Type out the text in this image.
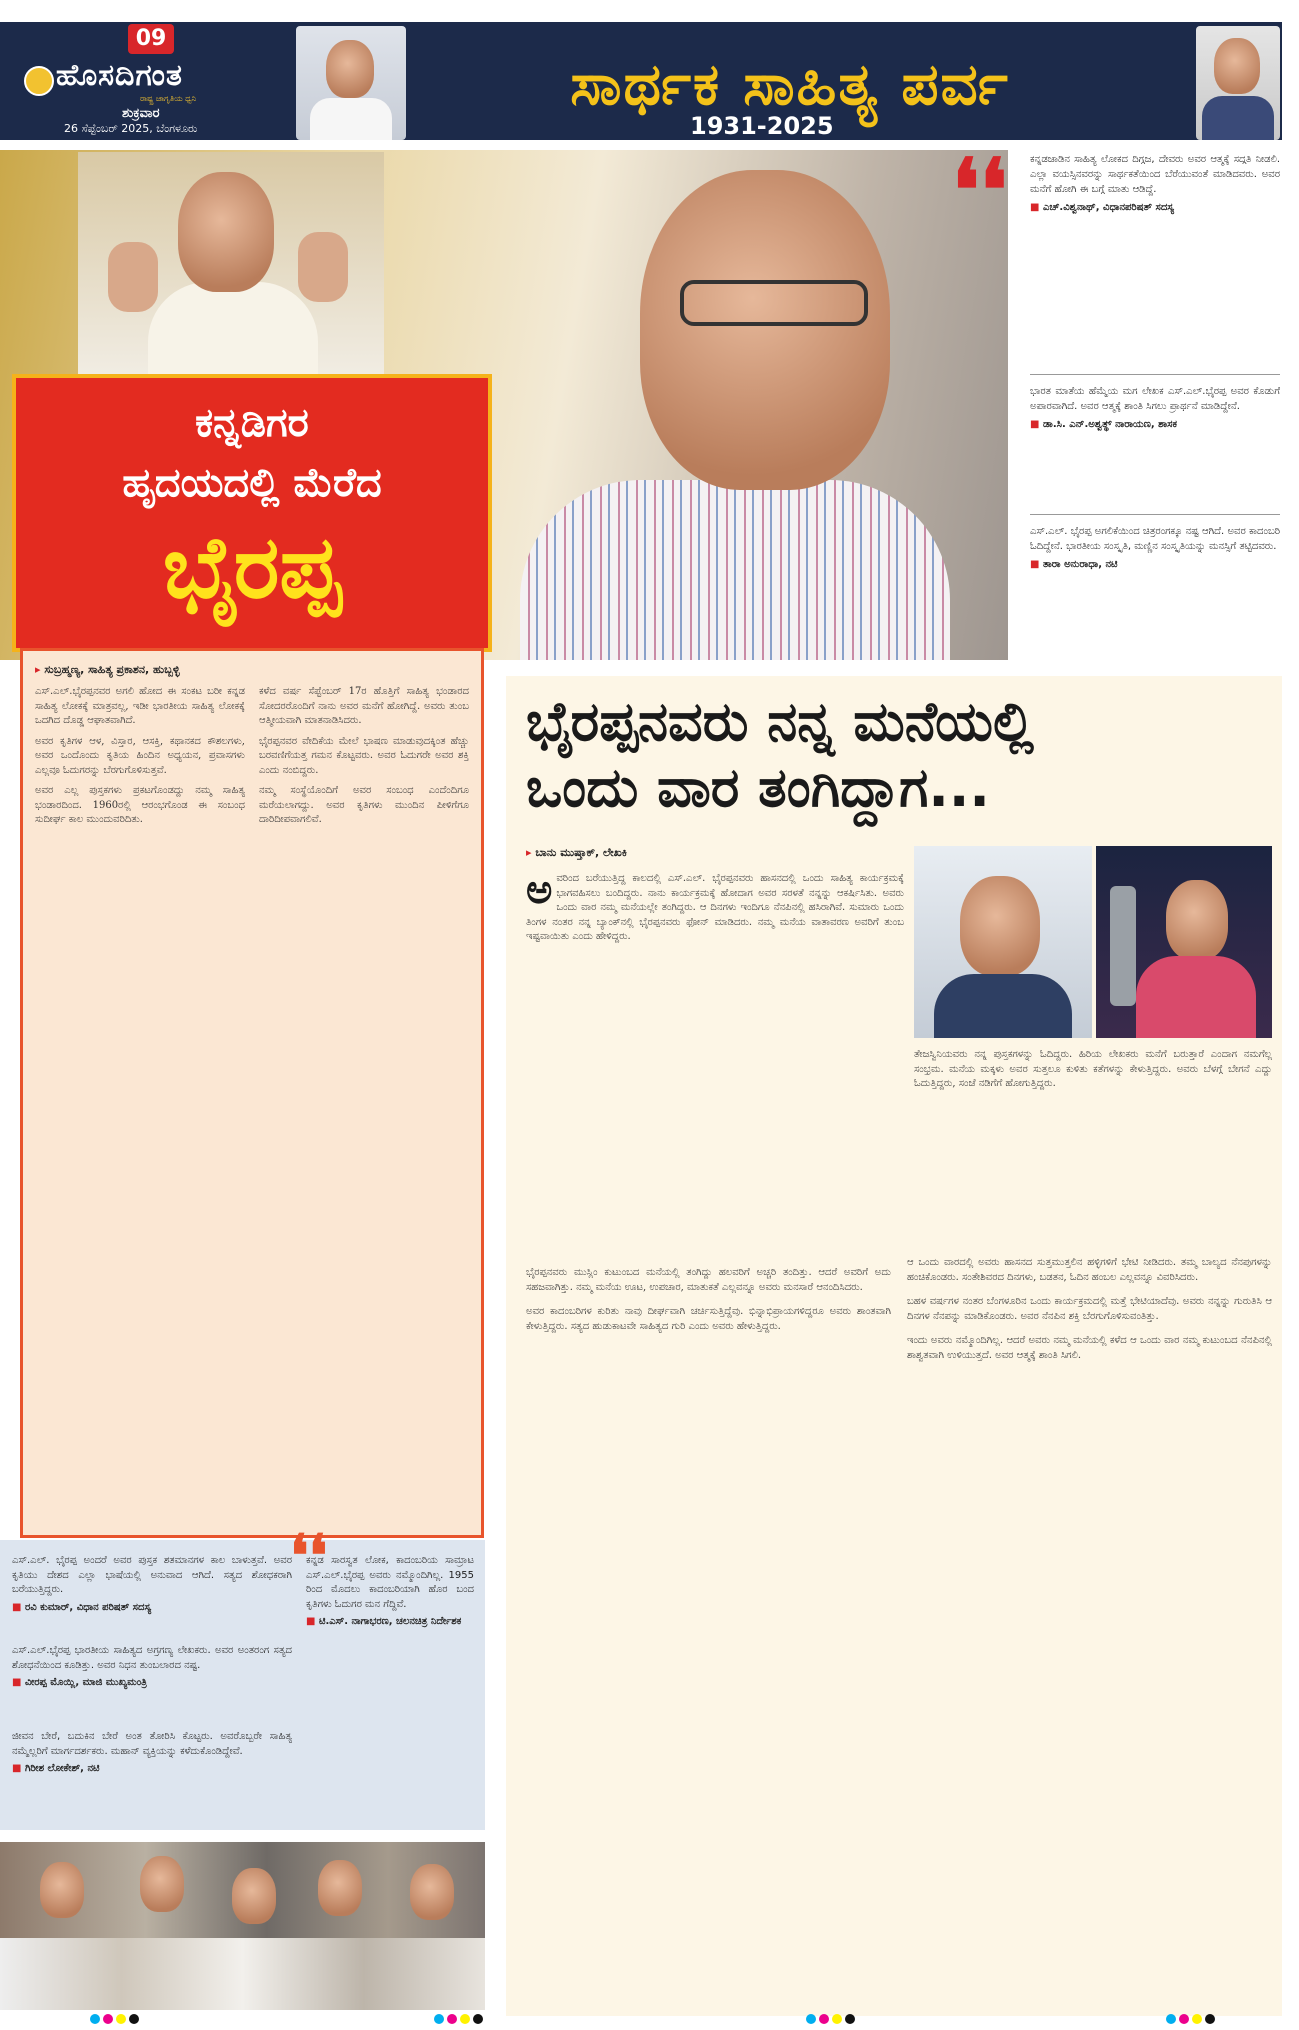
09
ಹೊಸದಿಗಂತ
ರಾಷ್ಟ್ರ ಜಾಗೃತಿಯ ಧ್ವನಿ
ಶುಕ್ರವಾರ
26 ಸೆಪ್ಟೆಂಬರ್ 2025, ಬೆಂಗಳೂರು
ಸಾರ್ಥಕ ಸಾಹಿತ್ಯ ಪರ್ವ
1931-2025
ಕನ್ನಡಿಗರ
ಹೃದಯದಲ್ಲಿ ಮೆರೆದ
ಭೈರಪ್ಪ
▸ ಸುಬ್ರಹ್ಮಣ್ಯ, ಸಾಹಿತ್ಯ ಪ್ರಕಾಶನ, ಹುಬ್ಬಳ್ಳಿ

ಎಸ್.ಎಲ್.ಭೈರಪ್ಪನವರ ಅಗಲಿ ಹೋದ ಈ ಸಂಕಟ ಬರೀ ಕನ್ನಡ ಸಾಹಿತ್ಯ ಲೋಕಕ್ಕೆ ಮಾತ್ರವಲ್ಲ, ಇಡೀ ಭಾರತೀಯ ಸಾಹಿತ್ಯ ಲೋಕಕ್ಕೆ ಒದಗಿದ ದೊಡ್ಡ ಆಘಾತವಾಗಿದೆ.

ಅವರ ಕೃತಿಗಳ ಆಳ, ವಿಸ್ತಾರ, ಆಸಕ್ತಿ, ಕಥಾನಕದ ಕೌಶಲಗಳು, ಅವರ ಒಂದೊಂದು ಕೃತಿಯ ಹಿಂದಿನ ಅಧ್ಯಯನ, ಪ್ರವಾಸಗಳು ಎಲ್ಲವೂ ಓದುಗರನ್ನು ಬೆರಗುಗೊಳಿಸುತ್ತವೆ.

ಅವರ ಎಲ್ಲ ಪುಸ್ತಕಗಳು ಪ್ರಕಟಗೊಂಡದ್ದು ನಮ್ಮ ಸಾಹಿತ್ಯ ಭಂಡಾರದಿಂದ. 1960ರಲ್ಲಿ ಆರಂಭಗೊಂಡ ಈ ಸಂಬಂಧ ಸುದೀರ್ಘ ಕಾಲ ಮುಂದುವರಿದಿತು.

ಕಳೆದ ವರ್ಷ ಸೆಪ್ಟೆಂಬರ್ 17ರ ಹೊತ್ತಿಗೆ ಸಾಹಿತ್ಯ ಭಂಡಾರದ ಸೋದರರೊಂದಿಗೆ ನಾನು ಅವರ ಮನೆಗೆ ಹೋಗಿದ್ದೆ. ಅವರು ತುಂಬ ಆತ್ಮೀಯವಾಗಿ ಮಾತನಾಡಿಸಿದರು.

ಭೈರಪ್ಪನವರ ವೇದಿಕೆಯ ಮೇಲೆ ಭಾಷಣ ಮಾಡುವುದಕ್ಕಿಂತ ಹೆಚ್ಚು ಬರವಣಿಗೆಯತ್ತ ಗಮನ ಕೊಟ್ಟವರು. ಅವರ ಓದುಗರೇ ಅವರ ಶಕ್ತಿ ಎಂದು ನಂಬಿದ್ದರು.

ನಮ್ಮ ಸಂಸ್ಥೆಯೊಂದಿಗೆ ಅವರ ಸಂಬಂಧ ಎಂದೆಂದಿಗೂ ಮರೆಯಲಾಗದ್ದು. ಅವರ ಕೃತಿಗಳು ಮುಂದಿನ ಪೀಳಿಗೆಗೂ ದಾರಿದೀಪವಾಗಲಿವೆ.

ಎಸ್.ಎಲ್. ಭೈರಪ್ಪ ಅಂದರೆ ಅವರ ಪುಸ್ತಕ ಶತಮಾನಗಳ ಕಾಲ ಬಾಳುತ್ತವೆ. ಅವರ ಕೃತಿಯು ದೇಶದ ಎಲ್ಲಾ ಭಾಷೆಯಲ್ಲಿ ಅನುವಾದ ಆಗಿದೆ. ಸತ್ಯದ ಶೋಧಕರಾಗಿ ಬರೆಯುತ್ತಿದ್ದರು.
■ ರವಿ ಕುಮಾರ್, ವಿಧಾನ ಪರಿಷತ್ ಸದಸ್ಯ
ಎಸ್.ಎಲ್.ಭೈರಪ್ಪ ಭಾರತೀಯ ಸಾಹಿತ್ಯದ ಅಗ್ರಗಣ್ಯ ಲೇಖಕರು. ಅವರ ಅಂತರಂಗ ಸತ್ಯದ ಶೋಧನೆಯಿಂದ ಕೂಡಿತ್ತು. ಅವರ ನಿಧನ ತುಂಬಲಾರದ ನಷ್ಟ.
■ ವೀರಪ್ಪ ಮೊಯ್ಲಿ, ಮಾಜಿ ಮುಖ್ಯಮಂತ್ರಿ
ಜೀವನ ಬೇರೆ, ಬದುಕಿನ ಬೇರೆ ಅಂತ ತೋರಿಸಿ ಕೊಟ್ಟರು. ಅವರೊಬ್ಬರೇ ಸಾಹಿತ್ಯ ನಮ್ಮೆಲ್ಲರಿಗೆ ಮಾರ್ಗದರ್ಶಕರು. ಮಹಾನ್ ವ್ಯಕ್ತಿಯನ್ನು ಕಳೆದುಕೊಂಡಿದ್ದೇವೆ.
■ ಗಿರೀಶ ಲೋಕೇಶ್, ನಟಿ
ಕನ್ನಡ ಸಾರಸ್ವತ ಲೋಕ, ಕಾದಂಬರಿಯ ಸಾಮ್ರಾಟ ಎಸ್.ಎಲ್.ಭೈರಪ್ಪ ಅವರು ನಮ್ಮೊಂದಿಗಿಲ್ಲ. 1955 ರಿಂದ ಮೊದಲು ಕಾದಂಬರಿಯಾಗಿ ಹೊರ ಬಂದ ಕೃತಿಗಳು ಓದುಗರ ಮನ ಗೆದ್ದಿವೆ.
■ ಟಿ.ಎಸ್. ನಾಗಾಭರಣ, ಚಲನಚಿತ್ರ ನಿರ್ದೇಶಕ
❛❛
❛❛ ಕನ್ನಡಜಾಡಿನ ಸಾಹಿತ್ಯ ಲೋಕದ ದಿಗ್ಗಜ, ದೇವರು ಅವರ ಆತ್ಮಕ್ಕೆ ಸದ್ಗತಿ ನೀಡಲಿ. ಎಲ್ಲಾ ವಯಸ್ಸಿನವರನ್ನು ಸಾರ್ಥಕತೆಯಿಂದ ಬೆರೆಯುವಂತೆ ಮಾಡಿದವರು. ಅವರ ಮನೆಗೆ ಹೋಗಿ ಈ ಬಗ್ಗೆ ಮಾತು ಆಡಿದ್ದೆ.
■ ಎಚ್.ವಿಶ್ವನಾಥ್, ವಿಧಾನಪರಿಷತ್ ಸದಸ್ಯ
ಭಾರತ ಮಾತೆಯ ಹೆಮ್ಮೆಯ ಮಗ ಲೇಖಕ ಎಸ್.ಎಲ್.ಭೈರಪ್ಪ ಅವರ ಕೊಡುಗೆ ಅಪಾರವಾಗಿದೆ. ಅವರ ಆತ್ಮಕ್ಕೆ ಶಾಂತಿ ಸಿಗಲು ಪ್ರಾರ್ಥನೆ ಮಾಡಿದ್ದೇನೆ.
■ ಡಾ.ಸಿ. ಎನ್.ಅಶ್ವತ್ಥ್ ನಾರಾಯಣ, ಶಾಸಕ
ಎಸ್.ಎಲ್. ಭೈರಪ್ಪ ಅಗಲಿಕೆಯಿಂದ ಚಿತ್ರರಂಗಕ್ಕೂ ನಷ್ಟ ಆಗಿದೆ. ಅವರ ಕಾದಂಬರಿ ಓದಿದ್ದೇನೆ. ಭಾರತೀಯ ಸಂಸ್ಕೃತಿ, ಮಣ್ಣಿನ ಸಂಸ್ಕೃತಿಯನ್ನು ಮನಸ್ಸಿಗೆ ತಟ್ಟಿದವರು.
■ ತಾರಾ ಅನುರಾಧಾ, ನಟಿ
ಭೈರಪ್ಪನವರು ನನ್ನ ಮನೆಯಲ್ಲಿ
ಒಂದು ವಾರ ತಂಗಿದ್ದಾಗ...
▸ ಬಾನು ಮುಷ್ತಾಕ್, ಲೇಖಕಿ
ಅ ವರಿಂದ ಬರೆಯುತ್ತಿದ್ದ ಕಾಲದಲ್ಲಿ ಎಸ್.ಎಲ್. ಭೈರಪ್ಪನವರು ಹಾಸನದಲ್ಲಿ ಒಂದು ಸಾಹಿತ್ಯ ಕಾರ್ಯಕ್ರಮಕ್ಕೆ ಭಾಗವಹಿಸಲು ಬಂದಿದ್ದರು. ನಾನು ಕಾರ್ಯಕ್ರಮಕ್ಕೆ ಹೋದಾಗ ಅವರ ಸರಳತೆ ನನ್ನನ್ನು ಆಕರ್ಷಿಸಿತು. ಅವರು ಒಂದು ವಾರ ನಮ್ಮ ಮನೆಯಲ್ಲೇ ತಂಗಿದ್ದರು. ಆ ದಿನಗಳು ಇಂದಿಗೂ ನೆನಪಿನಲ್ಲಿ ಹಸಿರಾಗಿವೆ. ಸುಮಾರು ಒಂದು ತಿಂಗಳ ನಂತರ ನನ್ನ ಬ್ಯಾಂಕ್‌ನಲ್ಲಿ ಭೈರಪ್ಪನವರು ಫೋನ್ ಮಾಡಿದರು. ನಮ್ಮ ಮನೆಯ ವಾತಾವರಣ ಅವರಿಗೆ ತುಂಬ ಇಷ್ಟವಾಯಿತು ಎಂದು ಹೇಳಿದ್ದರು.
ತೇಜಸ್ವಿನಿಯವರು ನನ್ನ ಪುಸ್ತಕಗಳನ್ನು ಓದಿದ್ದರು. ಹಿರಿಯ ಲೇಖಕರು ಮನೆಗೆ ಬರುತ್ತಾರೆ ಎಂದಾಗ ನಮಗೆಲ್ಲ ಸಂಭ್ರಮ. ಮನೆಯ ಮಕ್ಕಳು ಅವರ ಸುತ್ತಲೂ ಕುಳಿತು ಕತೆಗಳನ್ನು ಕೇಳುತ್ತಿದ್ದರು. ಅವರು ಬೆಳಗ್ಗೆ ಬೇಗನೆ ಎದ್ದು ಓದುತ್ತಿದ್ದರು, ಸಂಜೆ ನಡಿಗೆಗೆ ಹೋಗುತ್ತಿದ್ದರು.

ಭೈರಪ್ಪನವರು ಮುಸ್ಲಿಂ ಕುಟುಂಬದ ಮನೆಯಲ್ಲಿ ತಂಗಿದ್ದು ಹಲವರಿಗೆ ಅಚ್ಚರಿ ತಂದಿತ್ತು. ಆದರೆ ಅವರಿಗೆ ಅದು ಸಹಜವಾಗಿತ್ತು. ನಮ್ಮ ಮನೆಯ ಊಟ, ಉಪಚಾರ, ಮಾತುಕತೆ ಎಲ್ಲವನ್ನೂ ಅವರು ಮನಸಾರೆ ಆನಂದಿಸಿದರು.

ಅವರ ಕಾದಂಬರಿಗಳ ಕುರಿತು ನಾವು ದೀರ್ಘವಾಗಿ ಚರ್ಚಿಸುತ್ತಿದ್ದೆವು. ಭಿನ್ನಾಭಿಪ್ರಾಯಗಳಿದ್ದರೂ ಅವರು ಶಾಂತವಾಗಿ ಕೇಳುತ್ತಿದ್ದರು. ಸತ್ಯದ ಹುಡುಕಾಟವೇ ಸಾಹಿತ್ಯದ ಗುರಿ ಎಂದು ಅವರು ಹೇಳುತ್ತಿದ್ದರು.

ಆ ಒಂದು ವಾರದಲ್ಲಿ ಅವರು ಹಾಸನದ ಸುತ್ತಮುತ್ತಲಿನ ಹಳ್ಳಿಗಳಿಗೆ ಭೇಟಿ ನೀಡಿದರು. ತಮ್ಮ ಬಾಲ್ಯದ ನೆನಪುಗಳನ್ನು ಹಂಚಿಕೊಂಡರು. ಸಂತೇಶಿವರದ ದಿನಗಳು, ಬಡತನ, ಓದಿನ ಹಂಬಲ ಎಲ್ಲವನ್ನೂ ವಿವರಿಸಿದರು.

ಬಹಳ ವರ್ಷಗಳ ನಂತರ ಬೆಂಗಳೂರಿನ ಒಂದು ಕಾರ್ಯಕ್ರಮದಲ್ಲಿ ಮತ್ತೆ ಭೇಟಿಯಾದೆವು. ಅವರು ನನ್ನನ್ನು ಗುರುತಿಸಿ ಆ ದಿನಗಳ ನೆನಪನ್ನು ಮಾಡಿಕೊಂಡರು. ಅವರ ನೆನಪಿನ ಶಕ್ತಿ ಬೆರಗುಗೊಳಿಸುವಂತಿತ್ತು.

ಇಂದು ಅವರು ನಮ್ಮೊಂದಿಗಿಲ್ಲ. ಆದರೆ ಅವರು ನಮ್ಮ ಮನೆಯಲ್ಲಿ ಕಳೆದ ಆ ಒಂದು ವಾರ ನಮ್ಮ ಕುಟುಂಬದ ನೆನಪಿನಲ್ಲಿ ಶಾಶ್ವತವಾಗಿ ಉಳಿಯುತ್ತದೆ. ಅವರ ಆತ್ಮಕ್ಕೆ ಶಾಂತಿ ಸಿಗಲಿ.
